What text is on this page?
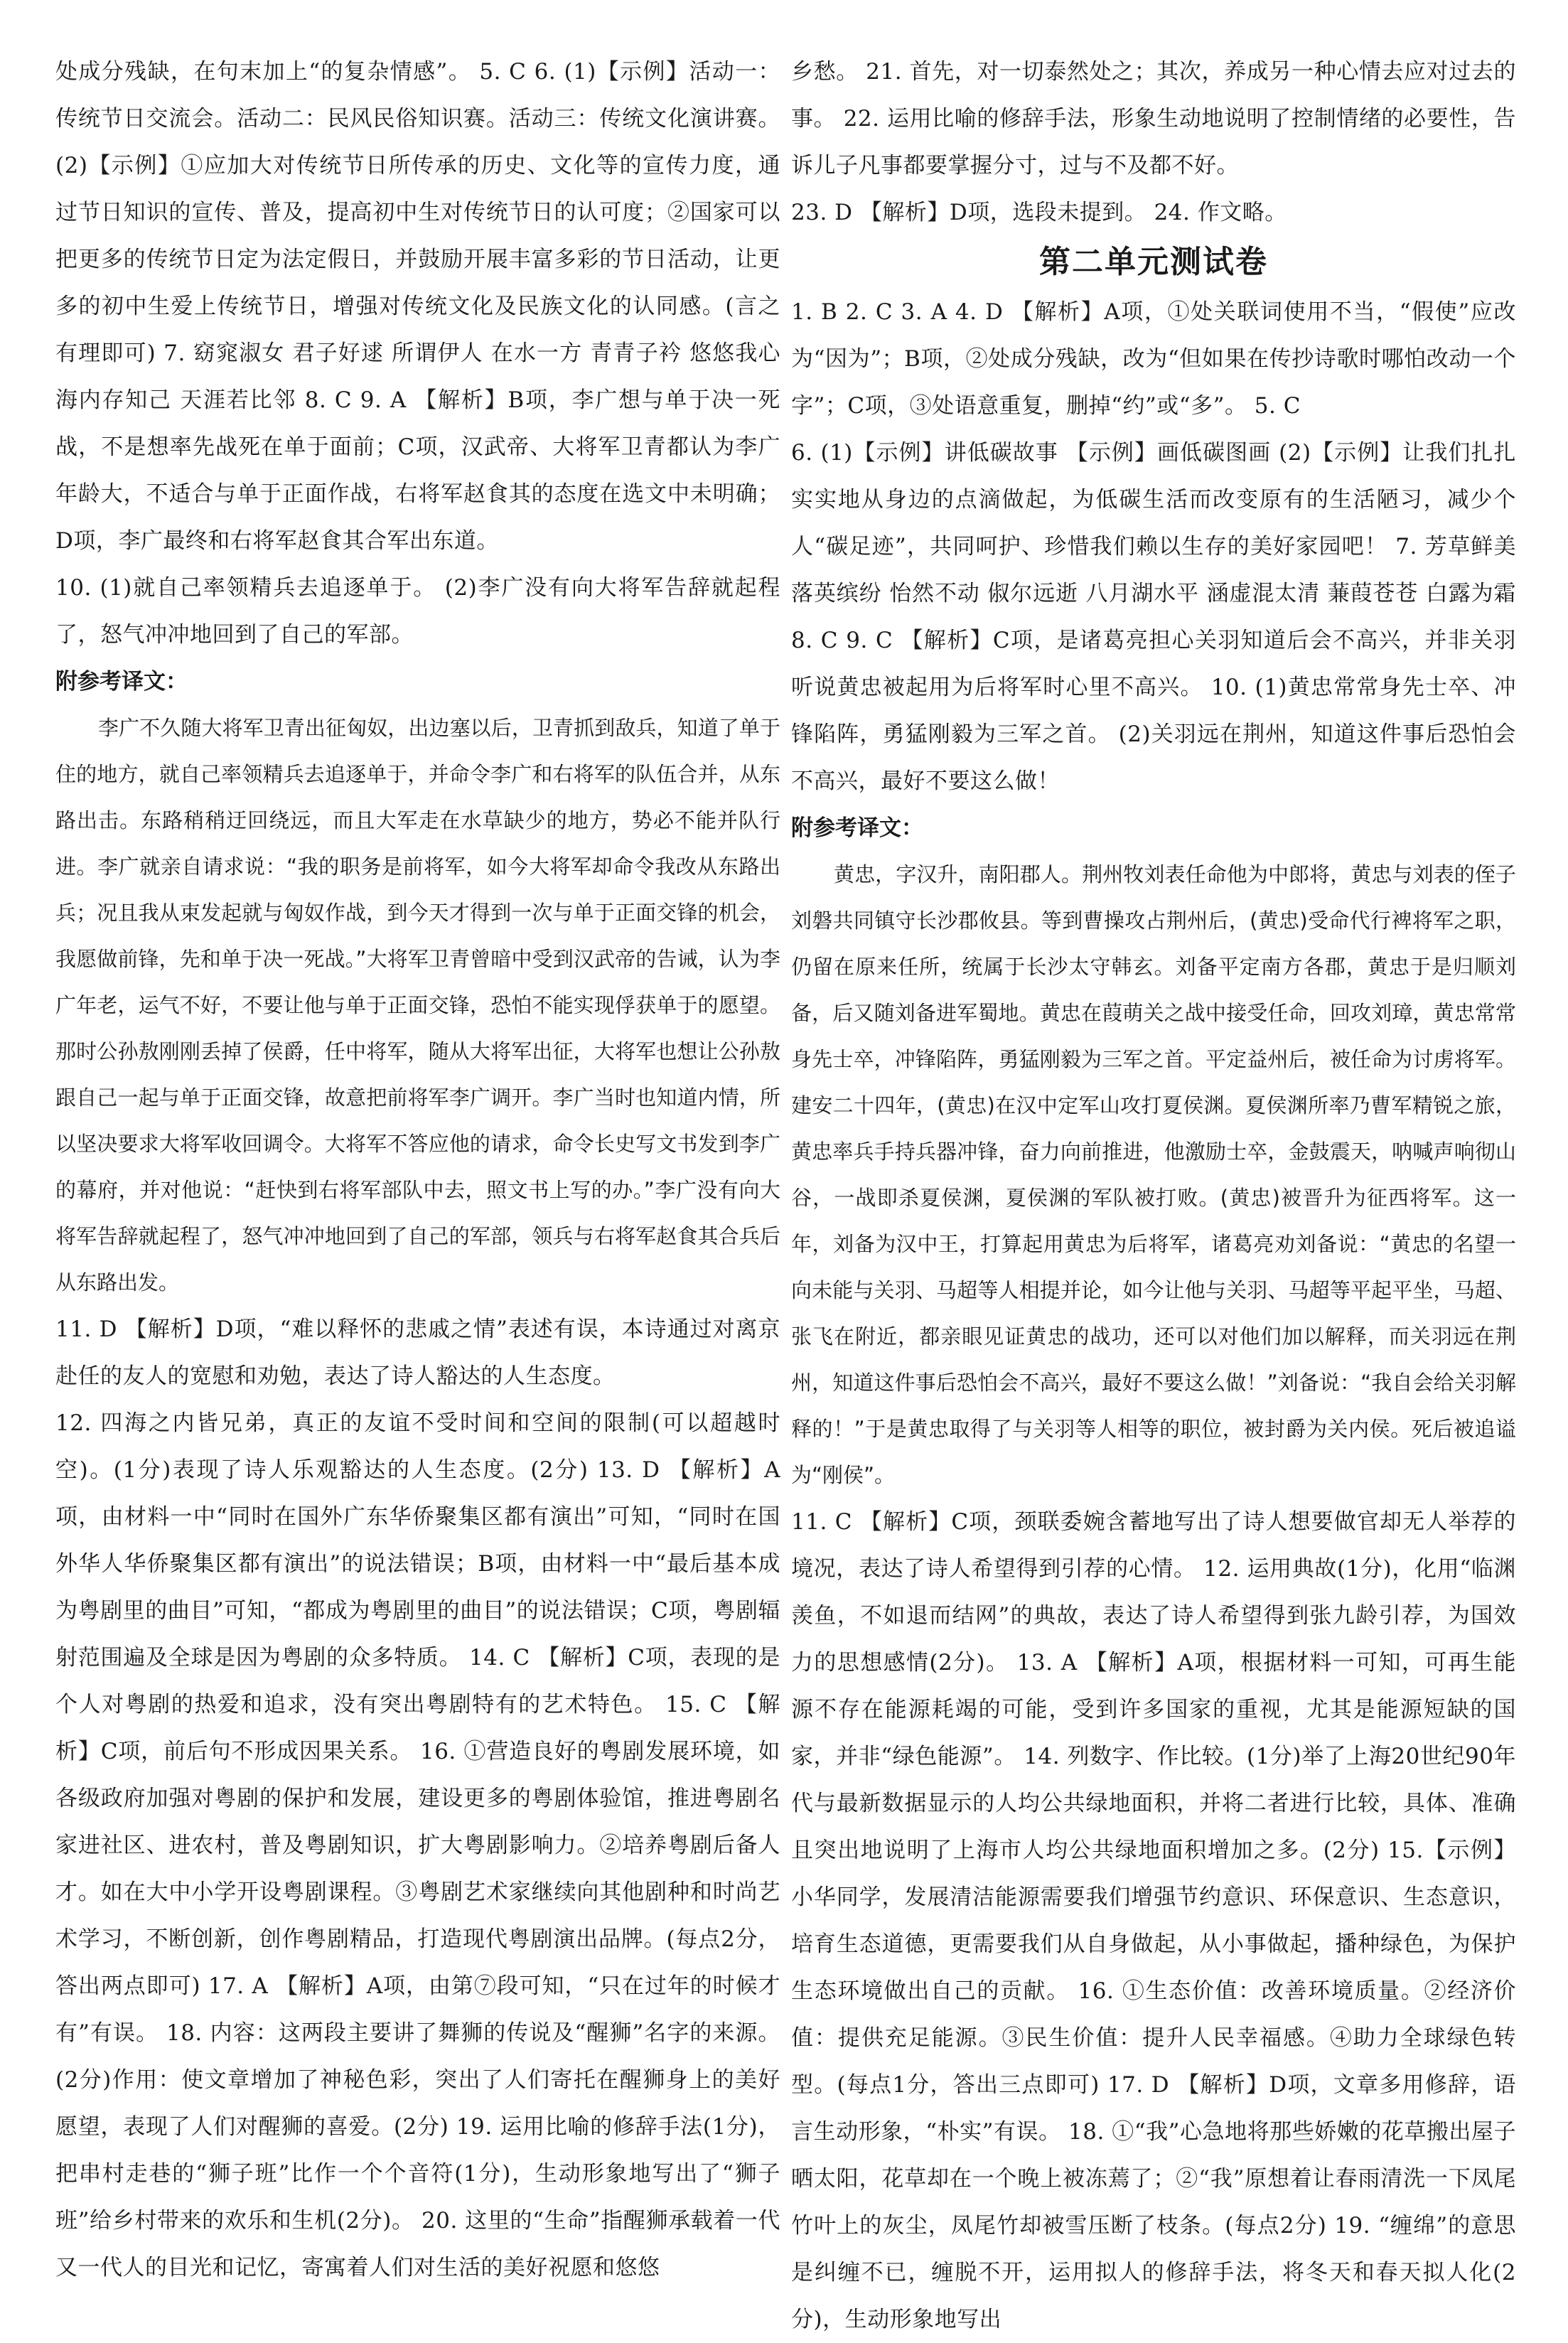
处成分残缺，在句末加上“的复杂情感”。 5. C 6. (1)【示例】活动一：传统节日交流会。活动二：民风民俗知识赛。活动三：传统文化演讲赛。 (2)【示例】①应加大对传统节日所传承的历史、文化等的宣传力度，通过节日知识的宣传、普及，提高初中生对传统节日的认可度；②国家可以把更多的传统节日定为法定假日，并鼓励开展丰富多彩的节日活动，让更多的初中生爱上传统节日，增强对传统文化及民族文化的认同感。(言之有理即可) 7. 窈窕淑女 君子好逑 所谓伊人 在水一方 青青子衿 悠悠我心 海内存知己 天涯若比邻 8. C 9. A 【解析】B项，李广想与单于决一死战，不是想率先战死在单于面前；C项，汉武帝、大将军卫青都认为李广年龄大，不适合与单于正面作战，右将军赵食其的态度在选文中未明确；D项，李广最终和右将军赵食其合军出东道。

10. (1)就自己率领精兵去追逐单于。 (2)李广没有向大将军告辞就起程了，怒气冲冲地回到了自己的军部。

附参考译文：

李广不久随大将军卫青出征匈奴，出边塞以后，卫青抓到敌兵，知道了单于住的地方，就自己率领精兵去追逐单于，并命令李广和右将军的队伍合并，从东路出击。东路稍稍迂回绕远，而且大军走在水草缺少的地方，势必不能并队行进。李广就亲自请求说：“我的职务是前将军，如今大将军却命令我改从东路出兵；况且我从束发起就与匈奴作战，到今天才得到一次与单于正面交锋的机会，我愿做前锋，先和单于决一死战。”大将军卫青曾暗中受到汉武帝的告诫，认为李广年老，运气不好，不要让他与单于正面交锋，恐怕不能实现俘获单于的愿望。那时公孙敖刚刚丢掉了侯爵，任中将军，随从大将军出征，大将军也想让公孙敖跟自己一起与单于正面交锋，故意把前将军李广调开。李广当时也知道内情，所以坚决要求大将军收回调令。大将军不答应他的请求，命令长史写文书发到李广的幕府，并对他说：“赶快到右将军部队中去，照文书上写的办。”李广没有向大将军告辞就起程了，怒气冲冲地回到了自己的军部，领兵与右将军赵食其合兵后从东路出发。

11. D 【解析】D项，“难以释怀的悲戚之情”表述有误，本诗通过对离京赴任的友人的宽慰和劝勉，表达了诗人豁达的人生态度。

12. 四海之内皆兄弟，真正的友谊不受时间和空间的限制(可以超越时空)。(1分)表现了诗人乐观豁达的人生态度。(2分) 13. D 【解析】A项，由材料一中“同时在国外广东华侨聚集区都有演出”可知，“同时在国外华人华侨聚集区都有演出”的说法错误；B项，由材料一中“最后基本成为粤剧里的曲目”可知，“都成为粤剧里的曲目”的说法错误；C项，粤剧辐射范围遍及全球是因为粤剧的众多特质。 14. C 【解析】C项，表现的是个人对粤剧的热爱和追求，没有突出粤剧特有的艺术特色。 15. C 【解析】C项，前后句不形成因果关系。 16. ①营造良好的粤剧发展环境，如各级政府加强对粤剧的保护和发展，建设更多的粤剧体验馆，推进粤剧名家进社区、进农村，普及粤剧知识，扩大粤剧影响力。②培养粤剧后备人才。如在大中小学开设粤剧课程。③粤剧艺术家继续向其他剧种和时尚艺术学习，不断创新，创作粤剧精品，打造现代粤剧演出品牌。(每点2分，答出两点即可) 17. A 【解析】A项，由第⑦段可知，“只在过年的时候才有”有误。 18. 内容：这两段主要讲了舞狮的传说及“醒狮”名字的来源。(2分)作用：使文章增加了神秘色彩，突出了人们寄托在醒狮身上的美好愿望，表现了人们对醒狮的喜爱。(2分) 19. 运用比喻的修辞手法(1分)，把串村走巷的“狮子班”比作一个个音符(1分)，生动形象地写出了“狮子班”给乡村带来的欢乐和生机(2分)。 20. 这里的“生命”指醒狮承载着一代又一代人的目光和记忆，寄寓着人们对生活的美好祝愿和悠悠

乡愁。 21. 首先，对一切泰然处之；其次，养成另一种心情去应对过去的事。 22. 运用比喻的修辞手法，形象生动地说明了控制情绪的必要性，告诉儿子凡事都要掌握分寸，过与不及都不好。

23. D 【解析】D项，选段未提到。 24. 作文略。

第二单元测试卷

1. B 2. C 3. A 4. D 【解析】A项，①处关联词使用不当，“假使”应改为“因为”；B项，②处成分残缺，改为“但如果在传抄诗歌时哪怕改动一个字”；C项，③处语意重复，删掉“约”或“多”。 5. C

6. (1)【示例】讲低碳故事 【示例】画低碳图画 (2)【示例】让我们扎扎实实地从身边的点滴做起，为低碳生活而改变原有的生活陋习，减少个人“碳足迹”，共同呵护、珍惜我们赖以生存的美好家园吧！ 7. 芳草鲜美 落英缤纷 怡然不动 俶尔远逝 八月湖水平 涵虚混太清 蒹葭苍苍 白露为霜 8. C 9. C 【解析】C项，是诸葛亮担心关羽知道后会不高兴，并非关羽听说黄忠被起用为后将军时心里不高兴。 10. (1)黄忠常常身先士卒、冲锋陷阵，勇猛刚毅为三军之首。 (2)关羽远在荆州，知道这件事后恐怕会不高兴，最好不要这么做！

附参考译文：

黄忠，字汉升，南阳郡人。荆州牧刘表任命他为中郎将，黄忠与刘表的侄子刘磐共同镇守长沙郡攸县。等到曹操攻占荆州后，(黄忠)受命代行裨将军之职，仍留在原来任所，统属于长沙太守韩玄。刘备平定南方各郡，黄忠于是归顺刘备，后又随刘备进军蜀地。黄忠在葭萌关之战中接受任命，回攻刘璋，黄忠常常身先士卒，冲锋陷阵，勇猛刚毅为三军之首。平定益州后，被任命为讨虏将军。建安二十四年，(黄忠)在汉中定军山攻打夏侯渊。夏侯渊所率乃曹军精锐之旅，黄忠率兵手持兵器冲锋，奋力向前推进，他激励士卒，金鼓震天，呐喊声响彻山谷，一战即杀夏侯渊，夏侯渊的军队被打败。(黄忠)被晋升为征西将军。这一年，刘备为汉中王，打算起用黄忠为后将军，诸葛亮劝刘备说：“黄忠的名望一向未能与关羽、马超等人相提并论，如今让他与关羽、马超等平起平坐，马超、张飞在附近，都亲眼见证黄忠的战功，还可以对他们加以解释，而关羽远在荆州，知道这件事后恐怕会不高兴，最好不要这么做！”刘备说：“我自会给关羽解释的！”于是黄忠取得了与关羽等人相等的职位，被封爵为关内侯。死后被追谥为“刚侯”。

11. C 【解析】C项，颈联委婉含蓄地写出了诗人想要做官却无人举荐的境况，表达了诗人希望得到引荐的心情。 12. 运用典故(1分)，化用“临渊羡鱼，不如退而结网”的典故，表达了诗人希望得到张九龄引荐，为国效力的思想感情(2分)。 13. A 【解析】A项，根据材料一可知，可再生能源不存在能源耗竭的可能，受到许多国家的重视，尤其是能源短缺的国家，并非“绿色能源”。 14. 列数字、作比较。(1分)举了上海20世纪90年代与最新数据显示的人均公共绿地面积，并将二者进行比较，具体、准确且突出地说明了上海市人均公共绿地面积增加之多。(2分) 15.【示例】小华同学，发展清洁能源需要我们增强节约意识、环保意识、生态意识，培育生态道德，更需要我们从自身做起，从小事做起，播种绿色，为保护生态环境做出自己的贡献。 16. ①生态价值：改善环境质量。②经济价值：提供充足能源。③民生价值：提升人民幸福感。④助力全球绿色转型。(每点1分，答出三点即可) 17. D 【解析】D项，文章多用修辞，语言生动形象，“朴实”有误。 18. ①“我”心急地将那些娇嫩的花草搬出屋子晒太阳，花草却在一个晚上被冻蔫了；②“我”原想着让春雨清洗一下凤尾竹叶上的灰尘，凤尾竹却被雪压断了枝条。(每点2分) 19. “缠绵”的意思是纠缠不已，缠脱不开，运用拟人的修辞手法，将冬天和春天拟人化(2分)，生动形象地写出
